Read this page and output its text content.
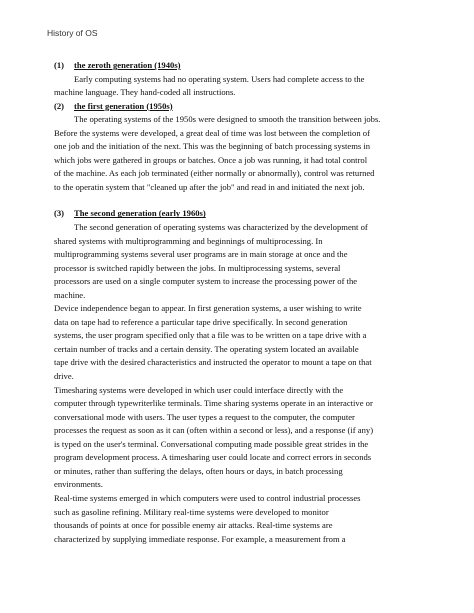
History of OS
(1) the zeroth generation (1940s)
Early computing systems had no operating system. Users had complete access to the
machine language. They hand-coded all instructions.
(2) the first generation (1950s)
The operating systems of the 1950s were designed to smooth the transition between jobs.
Before the systems were developed, a great deal of time was lost between the completion of
one job and the initiation of the next. This was the beginning of batch processing systems in
which jobs were gathered in groups or batches. Once a job was running, it had total control
of the machine. As each job terminated (either normally or abnormally), control was returned
to the operatin system that "cleaned up after the job" and read in and initiated the next job.
(3) The second generation (early 1960s)
The second generation of operating systems was characterized by the development of
shared systems with multiprogramming and beginnings of multiprocessing. In
multiprogramming systems several user programs are in main storage at once and the
processor is switched rapidly between the jobs. In multiprocessing systems, several
processors are used on a single computer system to increase the processing power of the
machine.
Device independence began to appear. In first generation systems, a user wishing to write
data on tape had to reference a particular tape drive specifically. In second generation
systems, the user program specified only that a file was to be written on a tape drive with a
certain number of tracks and a certain density. The operating system located an available
tape drive with the desired characteristics and instructed the operator to mount a tape on that
drive.
Timesharing systems were developed in which user could interface directly with the
computer through typewriterlike terminals. Time sharing systems operate in an interactive or
conversational mode with users. The user types a request to the computer, the computer
processes the request as soon as it can (often within a second or less), and a response (if any)
is typed on the user's terminal. Conversational computing made possible great strides in the
program development process. A timesharing user could locate and correct errors in seconds
or minutes, rather than suffering the delays, often hours or days, in batch processing
environments.
Real-time systems emerged in which computers were used to control industrial processes
such as gasoline refining. Military real-time systems were developed to monitor
thousands of points at once for possible enemy air attacks. Real-time systems are
characterized by supplying immediate response. For example, a measurement from a
